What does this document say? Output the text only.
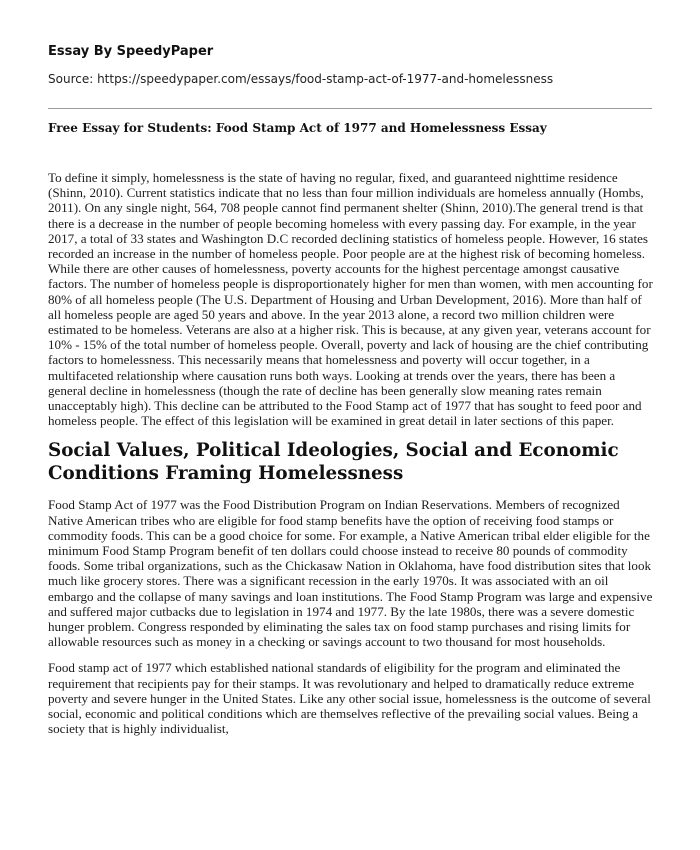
Essay By SpeedyPaper
Source: https://speedypaper.com/essays/food-stamp-act-of-1977-and-homelessness
Free Essay for Students: Food Stamp Act of 1977 and Homelessness Essay

To define it simply, homelessness is the state of having no regular, fixed, and guaranteed nighttime residence (Shinn, 2010). Current statistics indicate that no less than four million individuals are homeless annually (Hombs, 2011). On any single night, 564, 708 people cannot find permanent shelter (Shinn, 2010).The general trend is that there is a decrease in the number of people becoming homeless with every passing day. For example, in the year 2017, a total of 33 states and Washington D.C recorded declining statistics of homeless people. However, 16 states recorded an increase in the number of homeless people. Poor people are at the highest risk of becoming homeless. While there are other causes of homelessness, poverty accounts for the highest percentage amongst causative factors. The number of homeless people is disproportionately higher for men than women, with men accounting for 80% of all homeless people (The U.S. Department of Housing and Urban Development, 2016). More than half of all homeless people are aged 50 years and above. In the year 2013 alone, a record two million children were estimated to be homeless. Veterans are also at a higher risk. This is because, at any given year, veterans account for 10% - 15% of the total number of homeless people. Overall, poverty and lack of housing are the chief contributing factors to homelessness. This necessarily means that homelessness and poverty will occur together, in a multifaceted relationship where causation runs both ways. Looking at trends over the years, there has been a general decline in homelessness (though the rate of decline has been generally slow meaning rates remain unacceptably high). This decline can be attributed to the Food Stamp act of 1977 that has sought to feed poor and homeless people. The effect of this legislation will be examined in great detail in later sections of this paper.

Social Values, Political Ideologies, Social and Economic Conditions Framing Homelessness

Food Stamp Act of 1977 was the Food Distribution Program on Indian Reservations. Members of recognized Native American tribes who are eligible for food stamp benefits have the option of receiving food stamps or commodity foods. This can be a good choice for some. For example, a Native American tribal elder eligible for the minimum Food Stamp Program benefit of ten dollars could choose instead to receive 80 pounds of commodity foods. Some tribal organizations, such as the Chickasaw Nation in Oklahoma, have food distribution sites that look much like grocery stores. There was a significant recession in the early 1970s. It was associated with an oil embargo and the collapse of many savings and loan institutions. The Food Stamp Program was large and expensive and suffered major cutbacks due to legislation in 1974 and 1977. By the late 1980s, there was a severe domestic hunger problem. Congress responded by eliminating the sales tax on food stamp purchases and rising limits for allowable resources such as money in a checking or savings account to two thousand for most households.

Food stamp act of 1977 which established national standards of eligibility for the program and eliminated the requirement that recipients pay for their stamps. It was revolutionary and helped to dramatically reduce extreme poverty and severe hunger in the United States. Like any other social issue, homelessness is the outcome of several social, economic and political conditions which are themselves reflective of the prevailing social values. Being a society that is highly individualist,
